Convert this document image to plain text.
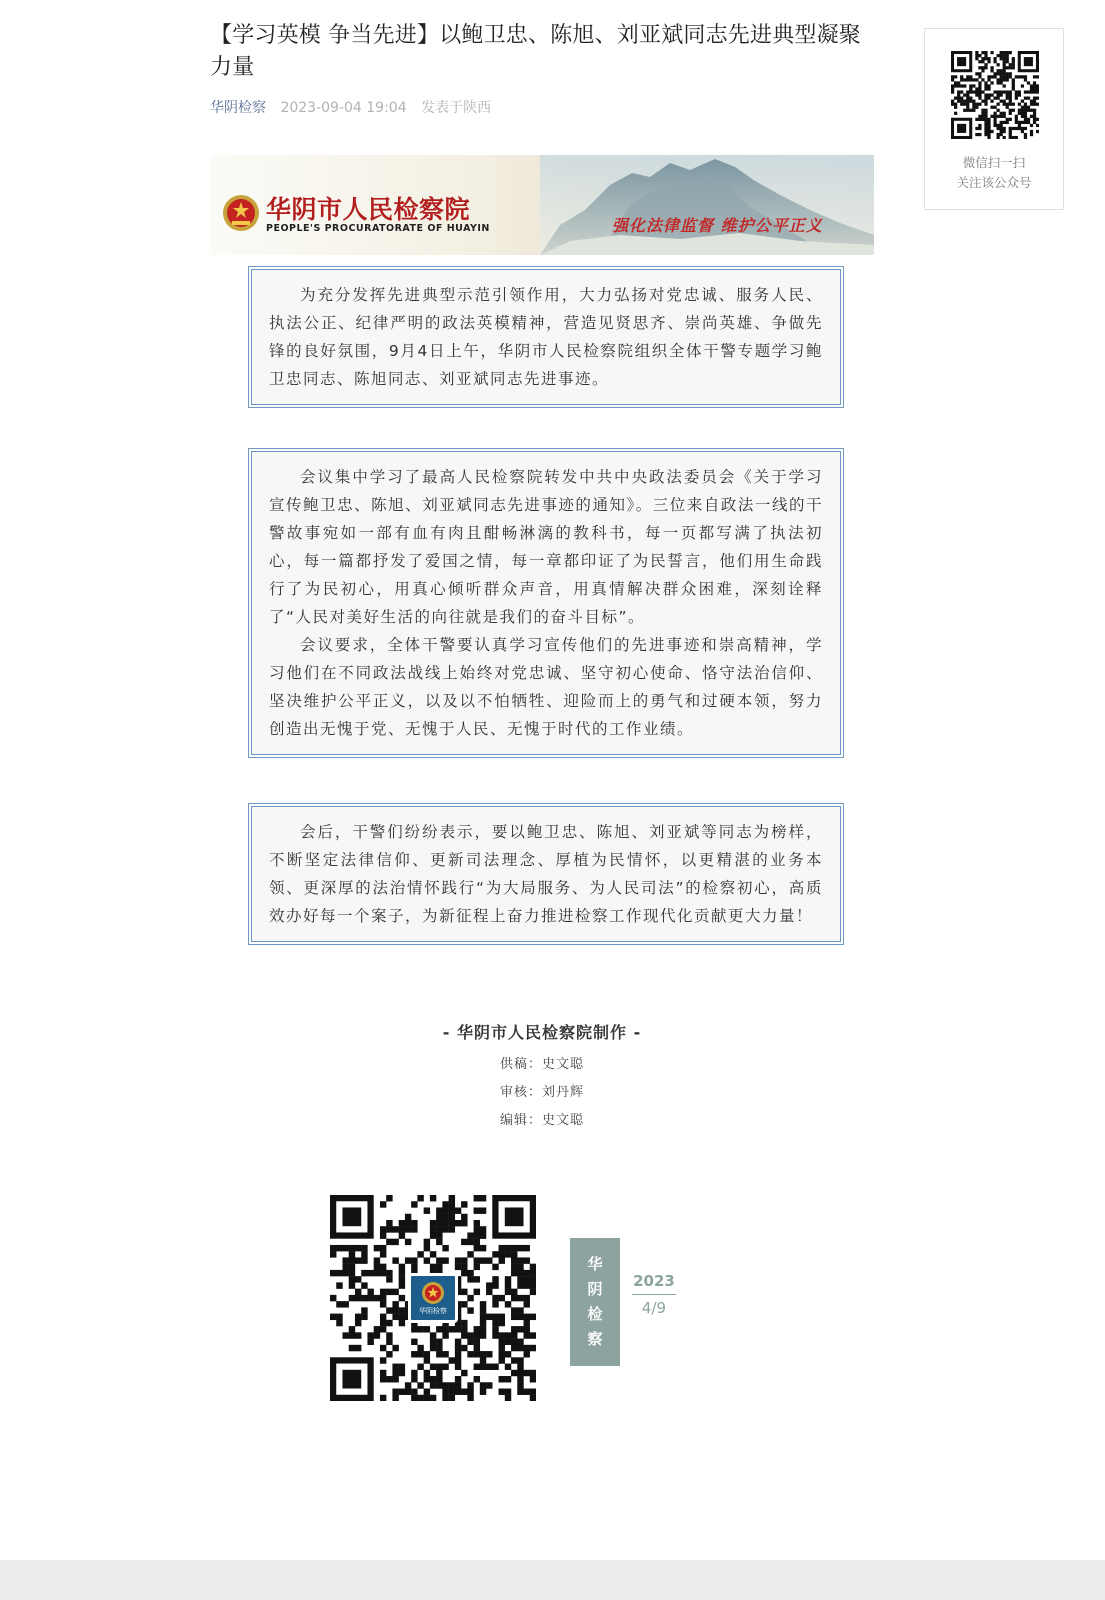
【学习英模 争当先进】以鲍卫忠、陈旭、刘亚斌同志先进典型凝聚力量
华阴检察 2023-09-04 19:04 发表于陕西
华阴市人民检察院
PEOPLE'S PROCURATORATE OF HUAYIN	强化法律监督 维护公平正义

为充分发挥先进典型示范引领作用，大力弘扬对党忠诚、服务人民、执法公正、纪律严明的政法英模精神，营造见贤思齐、崇尚英雄、争做先锋的良好氛围，9月4日上午，华阴市人民检察院组织全体干警专题学习鲍卫忠同志、陈旭同志、刘亚斌同志先进事迹。

会议集中学习了最高人民检察院转发中共中央政法委员会《关于学习宣传鲍卫忠、陈旭、刘亚斌同志先进事迹的通知》。三位来自政法一线的干警故事宛如一部有血有肉且酣畅淋漓的教科书，每一页都写满了执法初心，每一篇都抒发了爱国之情，每一章都印证了为民誓言，他们用生命践行了为民初心，用真心倾听群众声音，用真情解决群众困难，深刻诠释了“人民对美好生活的向往就是我们的奋斗目标”。

会议要求，全体干警要认真学习宣传他们的先进事迹和崇高精神，学习他们在不同政法战线上始终对党忠诚、坚守初心使命、恪守法治信仰、坚决维护公平正义，以及以不怕牺牲、迎险而上的勇气和过硬本领，努力创造出无愧于党、无愧于人民、无愧于时代的工作业绩。

会后，干警们纷纷表示，要以鲍卫忠、陈旭、刘亚斌等同志为榜样，不断坚定法律信仰、更新司法理念、厚植为民情怀，以更精湛的业务本领、更深厚的法治情怀践行“为大局服务、为人民司法”的检察初心，高质效办好每一个案子，为新征程上奋力推进检察工作现代化贡献更大力量！

- 华阴市人民检察院制作 -
供稿：史文聪
审核：刘丹辉
编辑：史文聪
华阴检察
华
阴
检
察
2023
4/9
微信扫一扫
关注该公众号
